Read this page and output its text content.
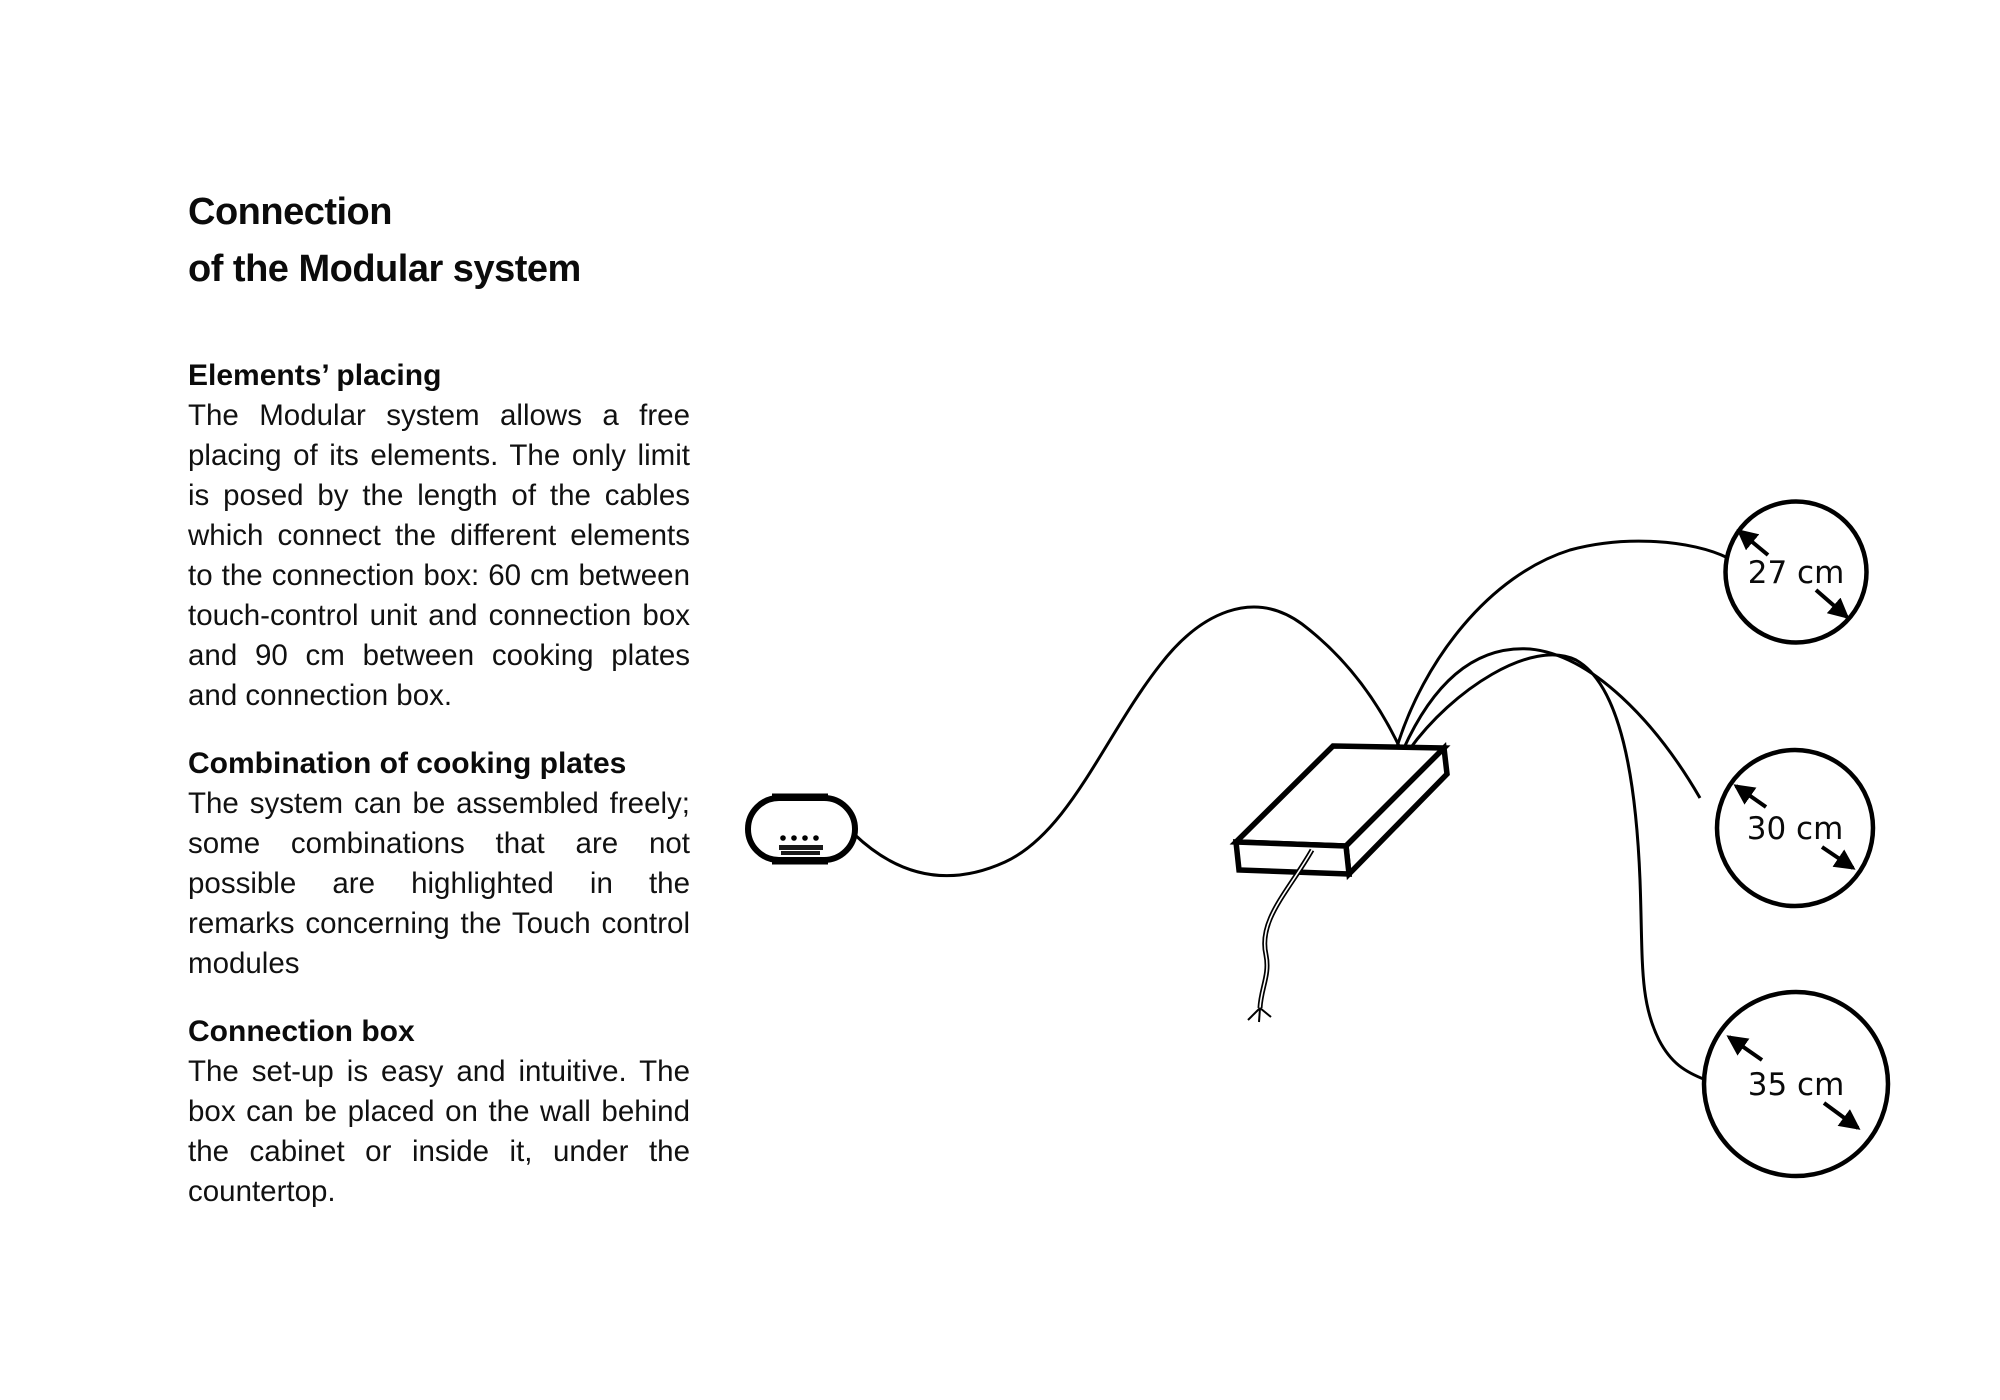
Connection
of the Modular system
Elements’ placing

The Modular system allows a free placing of its elements. The only limit is posed by the length of the cables which connect the different elements to the connection box: 60 cm between touch-control unit and connection box and 90 cm between cooking plates and connection box.

Combination of cooking plates

The system can be assembled freely; some combinations that are not possible are highlighted in the remarks concerning the Touch control modules

Connection box

The set-up is easy and intuitive. The box can be placed on the wall behind the cabinet or inside it, under the countertop.

27 cm
30 cm
35 cm
